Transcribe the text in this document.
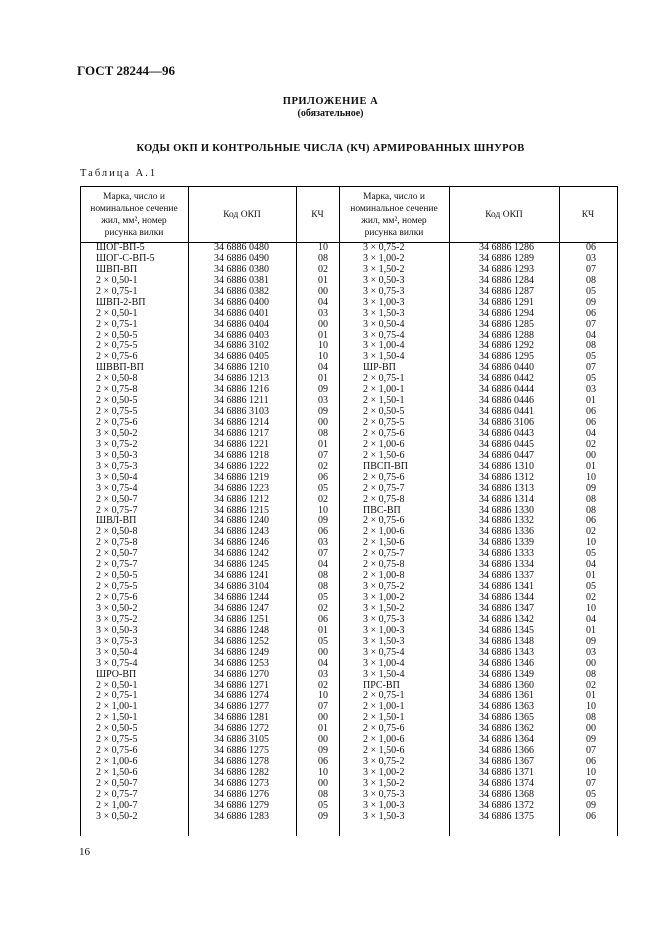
ГОСТ 28244—96
ПРИЛОЖЕНИЕ А
(обязательное)
КОДЫ ОКП И КОНТРОЛЬНЫЕ ЧИСЛА (КЧ) АРМИРОВАННЫХ ШНУРОВ
Таблица А.1
Марка, число и
номинальное сечение
жил, мм², номер
рисунка вилки
Код ОКП	КЧ
Марка, число и
номинальное сечение
жил, мм², номер
рисунка вилки
Код ОКП	КЧ
ШОГ-ВП-5	34 6886 0480	10
ШОГ-С-ВП-5	34 6886 0490	08
ШВП-ВП	34 6886 0380	02
2 × 0,50-1	34 6886 0381	01
2 × 0,75-1	34 6886 0382	00
ШВП-2-ВП	34 6886 0400	04
2 × 0,50-1	34 6886 0401	03
2 × 0,75-1	34 6886 0404	00
2 × 0,50-5	34 6886 0403	01
2 × 0,75-5	34 6886 3102	10
2 × 0,75-6	34 6886 0405	10
ШВВП-ВП	34 6886 1210	04
2 × 0,50-8	34 6886 1213	01
2 × 0,75-8	34 6886 1216	09
2 × 0,50-5	34 6886 1211	03
2 × 0,75-5	34 6886 3103	09
2 × 0,75-6	34 6886 1214	00
3 × 0,50-2	34 6886 1217	08
3 × 0,75-2	34 6886 1221	01
3 × 0,50-3	34 6886 1218	07
3 × 0,75-3	34 6886 1222	02
3 × 0,50-4	34 6886 1219	06
3 × 0,75-4	34 6886 1223	05
2 × 0,50-7	34 6886 1212	02
2 × 0,75-7	34 6886 1215	10
ШВЛ-ВП	34 6886 1240	09
2 × 0,50-8	34 6886 1243	06
2 × 0,75-8	34 6886 1246	03
2 × 0,50-7	34 6886 1242	07
2 × 0,75-7	34 6886 1245	04
2 × 0,50-5	34 6886 1241	08
2 × 0,75-5	34 6886 3104	08
2 × 0,75-6	34 6886 1244	05
3 × 0,50-2	34 6886 1247	02
3 × 0,75-2	34 6886 1251	06
3 × 0,50-3	34 6886 1248	01
3 × 0,75-3	34 6886 1252	05
3 × 0,50-4	34 6886 1249	00
3 × 0,75-4	34 6886 1253	04
ШРО-ВП	34 6886 1270	03
2 × 0,50-1	34 6886 1271	02
2 × 0,75-1	34 6886 1274	10
2 × 1,00-1	34 6886 1277	07
2 × 1,50-1	34 6886 1281	00
2 × 0,50-5	34 6886 1272	01
2 × 0,75-5	34 6886 3105	00
2 × 0,75-6	34 6886 1275	09
2 × 1,00-6	34 6886 1278	06
2 × 1,50-6	34 6886 1282	10
2 × 0,50-7	34 6886 1273	00
2 × 0,75-7	34 6886 1276	08
2 × 1,00-7	34 6886 1279	05
3 × 0,50-2	34 6886 1283	09
3 × 0,75-2	34 6886 1286	06
3 × 1,00-2	34 6886 1289	03
3 × 1,50-2	34 6886 1293	07
3 × 0,50-3	34 6886 1284	08
3 × 0,75-3	34 6886 1287	05
3 × 1,00-3	34 6886 1291	09
3 × 1,50-3	34 6886 1294	06
3 × 0,50-4	34 6886 1285	07
3 × 0,75-4	34 6886 1288	04
3 × 1,00-4	34 6886 1292	08
3 × 1,50-4	34 6886 1295	05
ШР-ВП	34 6886 0440	07
2 × 0,75-1	34 6886 0442	05
2 × 1,00-1	34 6886 0444	03
2 × 1,50-1	34 6886 0446	01
2 × 0,50-5	34 6886 0441	06
2 × 0,75-5	34 6886 3106	06
2 × 0,75-6	34 6886 0443	04
2 × 1,00-6	34 6886 0445	02
2 × 1,50-6	34 6886 0447	00
ПВСП-ВП	34 6886 1310	01
2 × 0,75-6	34 6886 1312	10
2 × 0,75-7	34 6886 1313	09
2 × 0,75-8	34 6886 1314	08
ПВС-ВП	34 6886 1330	08
2 × 0,75-6	34 6886 1332	06
2 × 1,00-6	34 6886 1336	02
2 × 1,50-6	34 6886 1339	10
2 × 0,75-7	34 6886 1333	05
2 × 0,75-8	34 6886 1334	04
2 × 1,00-8	34 6886 1337	01
3 × 0,75-2	34 6886 1341	05
3 × 1,00-2	34 6886 1344	02
3 × 1,50-2	34 6886 1347	10
3 × 0,75-3	34 6886 1342	04
3 × 1,00-3	34 6886 1345	01
3 × 1,50-3	34 6886 1348	09
3 × 0,75-4	34 6886 1343	03
3 × 1,00-4	34 6886 1346	00
3 × 1,50-4	34 6886 1349	08
ПРС-ВП	34 6886 1360	02
2 × 0,75-1	34 6886 1361	01
2 × 1,00-1	34 6886 1363	10
2 × 1,50-1	34 6886 1365	08
2 × 0,75-6	34 6886 1362	00
2 × 1,00-6	34 6886 1364	09
2 × 1,50-6	34 6886 1366	07
3 × 0,75-2	34 6886 1367	06
3 × 1,00-2	34 6886 1371	10
3 × 1,50-2	34 6886 1374	07
3 × 0,75-3	34 6886 1368	05
3 × 1,00-3	34 6886 1372	09
3 × 1,50-3	34 6886 1375	06
16
